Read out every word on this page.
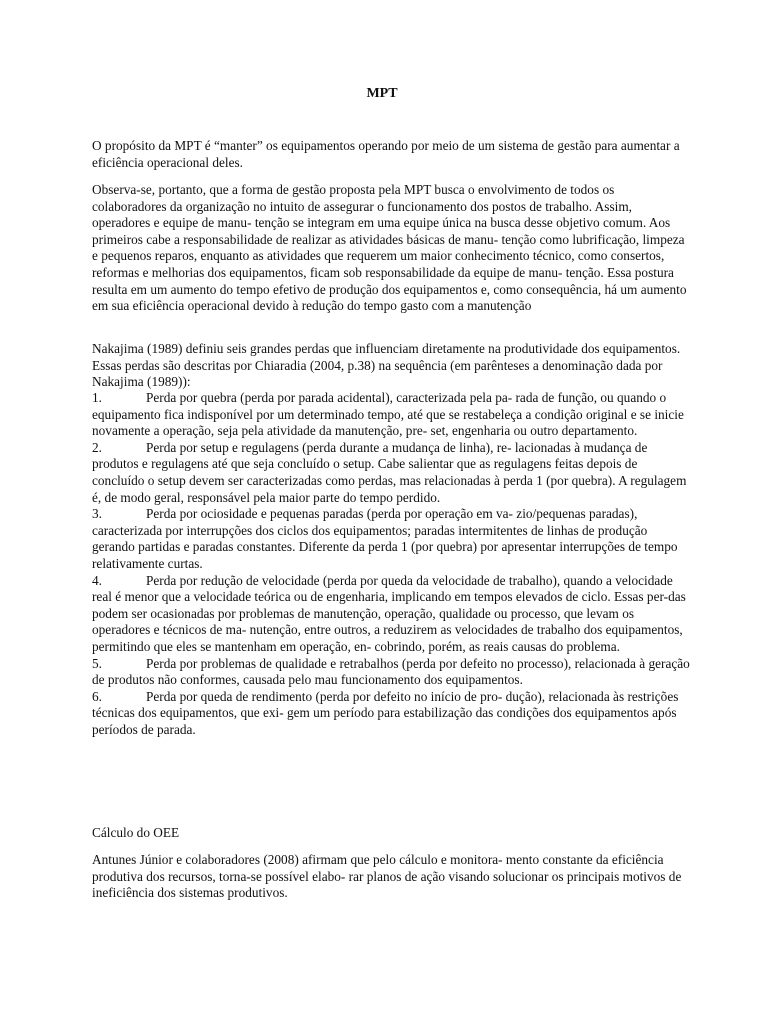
MPT

O propósito da MPT é “manter” os equipamentos operando por meio de um sistema de gestão para aumentar a eficiência operacional deles.

Observa-se, portanto, que a forma de gestão proposta pela MPT busca o envolvimento de todos os colaboradores da organização no intuito de assegurar o funcionamento dos postos de trabalho. Assim, operadores e equipe de manu- tenção se integram em uma equipe única na busca desse objetivo comum. Aos primeiros cabe a responsabilidade de realizar as atividades básicas de manu- tenção como lubrificação, limpeza e pequenos reparos, enquanto as atividades que requerem um maior conhecimento técnico, como consertos, reformas e melhorias dos equipamentos, ficam sob responsabilidade da equipe de manu- tenção. Essa postura resulta em um aumento do tempo efetivo de produção dos equipamentos e, como consequência, há um aumento em sua eficiência operacional devido à redução do tempo gasto com a manutenção

Nakajima (1989) definiu seis grandes perdas que influenciam diretamente na produtividade dos equipamentos. Essas perdas são descritas por Chiaradia (2004, p.38) na sequência (em parênteses a denominação dada por Nakajima (1989)):

1.	Perda por quebra (perda por parada acidental), caracterizada pela pa- rada de função, ou quando o equipamento fica indisponível por um determinado tempo, até que se restabeleça a condição original e se inicie novamente a operação, seja pela atividade da manutenção, pre- set, engenharia ou outro departamento.
2.	Perda por setup e regulagens (perda durante a mudança de linha), re- lacionadas à mudança de produtos e regulagens até que seja concluído o setup. Cabe salientar que as regulagens feitas depois de concluído o setup devem ser caracterizadas como perdas, mas relacionadas à perda 1 (por quebra). A regulagem é, de modo geral, responsável pela maior parte do tempo perdido.
3.	Perda por ociosidade e pequenas paradas (perda por operação em va- zio/pequenas paradas), caracterizada por interrupções dos ciclos dos equipamentos; paradas intermitentes de linhas de produção gerando partidas e paradas constantes. Diferente da perda 1 (por quebra) por apresentar interrupções de tempo relativamente curtas.
4.	Perda por redução de velocidade (perda por queda da velocidade de trabalho), quando a velocidade real é menor que a velocidade teórica ou de engenharia, implicando em tempos elevados de ciclo. Essas per-das podem ser ocasionadas por problemas de manutenção, operação, qualidade ou processo, que levam os operadores e técnicos de ma- nutenção, entre outros, a reduzirem as velocidades de trabalho dos equipamentos, permitindo que eles se mantenham em operação, en- cobrindo, porém, as reais causas do problema.
5.	Perda por problemas de qualidade e retrabalhos (perda por defeito no processo), relacionada à geração de produtos não conformes, causada pelo mau funcionamento dos equipamentos.
6.	Perda por queda de rendimento (perda por defeito no início de pro- dução), relacionada às restrições técnicas dos equipamentos, que exi- gem um período para estabilização das condições dos equipamentos após períodos de parada.

Cálculo do OEE

Antunes Júnior e colaboradores (2008) afirmam que pelo cálculo e monitora- mento constante da eficiência produtiva dos recursos, torna-se possível elabo- rar planos de ação visando solucionar os principais motivos de ineficiência dos sistemas produtivos.
